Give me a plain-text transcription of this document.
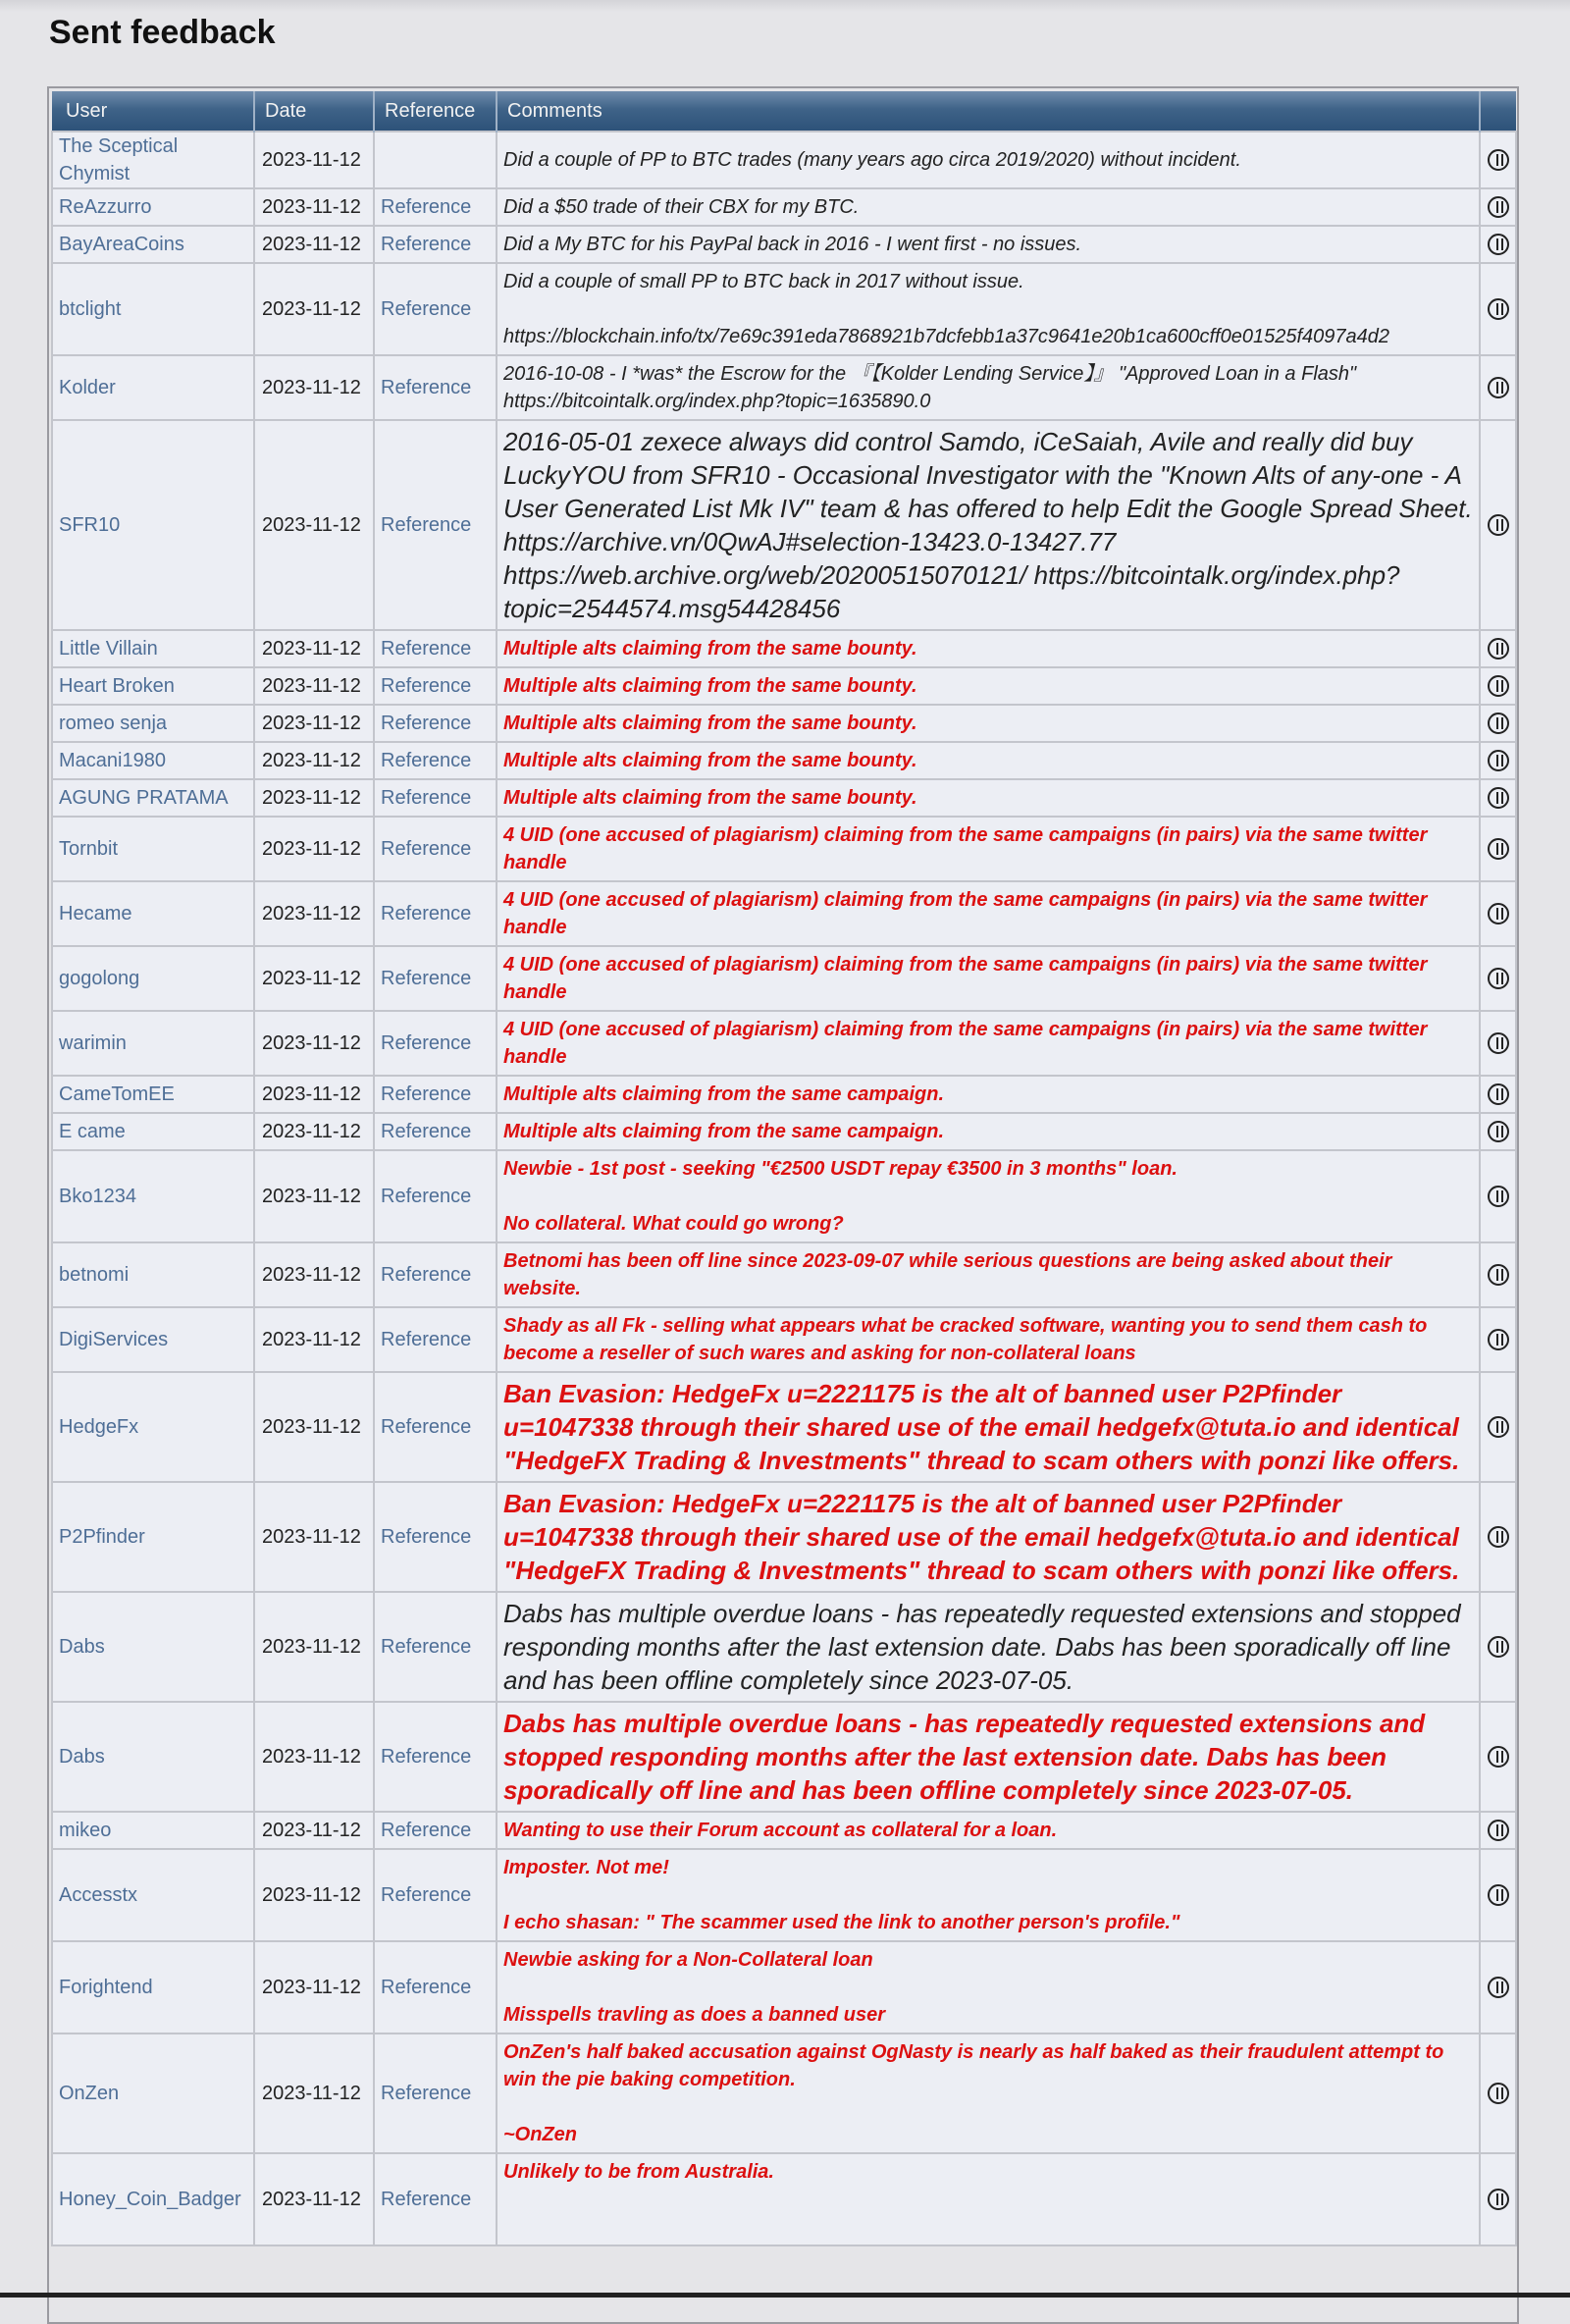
Sent feedback
User	Date	Reference	Comments	
The Sceptical Chymist	2023-11-12		Did a couple of PP to BTC trades (many years ago circa 2019/2020) without incident.	

ReAzzurro	2023-11-12	Reference	Did a $50 trade of their CBX for my BTC.	

BayAreaCoins	2023-11-12	Reference	Did a My BTC for his PayPal back in 2016 - I went first - no issues.	

btclight	2023-11-12	Reference	Did a couple of small PP to BTC back in 2017 without issue.
https://blockchain.info/tx/7e69c391eda7868921b7dcfebb1a37c9641e20b1ca600cff0e01525f4097a4d2	

Kolder	2023-11-12	Reference	2016-10-08 - I *was* the Escrow for the 『【Kolder Lending Service】』 "Approved Loan in a Flash"
https://bitcointalk.org/index.php?topic=1635890.0	

SFR10	2023-11-12	Reference	2016-05-01 zexece always did control Samdo, iCeSaiah, Avile and really did buy LuckyYOU from SFR10 - Occasional Investigator with the "Known Alts of any-one - A User Generated List Mk IV" team & has offered to help Edit the Google Spread Sheet. https://archive.vn/0QwAJ#selection-13423.0-13427.77 https://web.archive.org/web/20200515070121/ https://bitcointalk.org/index.php?topic=2544574.msg54428456	

Little Villain	2023-11-12	Reference	Multiple alts claiming from the same bounty.	

Heart Broken	2023-11-12	Reference	Multiple alts claiming from the same bounty.	

romeo senja	2023-11-12	Reference	Multiple alts claiming from the same bounty.	

Macani1980	2023-11-12	Reference	Multiple alts claiming from the same bounty.	

AGUNG PRATAMA	2023-11-12	Reference	Multiple alts claiming from the same bounty.	

Tornbit	2023-11-12	Reference	4 UID (one accused of plagiarism) claiming from the same campaigns (in pairs) via the same twitter handle	

Hecame	2023-11-12	Reference	4 UID (one accused of plagiarism) claiming from the same campaigns (in pairs) via the same twitter handle	

gogolong	2023-11-12	Reference	4 UID (one accused of plagiarism) claiming from the same campaigns (in pairs) via the same twitter handle	

warimin	2023-11-12	Reference	4 UID (one accused of plagiarism) claiming from the same campaigns (in pairs) via the same twitter handle	

CameTomEE	2023-11-12	Reference	Multiple alts claiming from the same campaign.	

E came	2023-11-12	Reference	Multiple alts claiming from the same campaign.	

Bko1234	2023-11-12	Reference	Newbie - 1st post - seeking "€2500 USDT repay €3500 in 3 months" loan.
No collateral. What could go wrong?	

betnomi	2023-11-12	Reference	Betnomi has been off line since 2023-09-07 while serious questions are being asked about their website.	

DigiServices	2023-11-12	Reference	Shady as all Fk - selling what appears what be cracked software, wanting you to send them cash to become a reseller of such wares and asking for non-collateral loans	

HedgeFx	2023-11-12	Reference	Ban Evasion: HedgeFx u=2221175 is the alt of banned user P2Pfinder u=1047338 through their shared use of the email hedgefx@tuta.io and identical "HedgeFX Trading & Investments" thread to scam others with ponzi like offers.	

P2Pfinder	2023-11-12	Reference	Ban Evasion: HedgeFx u=2221175 is the alt of banned user P2Pfinder u=1047338 through their shared use of the email hedgefx@tuta.io and identical "HedgeFX Trading & Investments" thread to scam others with ponzi like offers.	

Dabs	2023-11-12	Reference	Dabs has multiple overdue loans - has repeatedly requested extensions and stopped responding months after the last extension date. Dabs has been sporadically off line and has been offline completely since 2023-07-05.	

Dabs	2023-11-12	Reference	Dabs has multiple overdue loans - has repeatedly requested extensions and stopped responding months after the last extension date. Dabs has been sporadically off line and has been offline completely since 2023-07-05.	

mikeo	2023-11-12	Reference	Wanting to use their Forum account as collateral for a loan.	

Accesstx	2023-11-12	Reference	Imposter. Not me!
I echo shasan: " The scammer used the link to another person's profile."	

Forightend	2023-11-12	Reference	Newbie asking for a Non-Collateral loan
Misspells travling as does a banned user	

OnZen	2023-11-12	Reference	OnZen's half baked accusation against OgNasty is nearly as half baked as their fraudulent attempt to win the pie baking competition.
~OnZen	

Honey_Coin_Badger	2023-11-12	Reference	Unlikely to be from Australia.	
